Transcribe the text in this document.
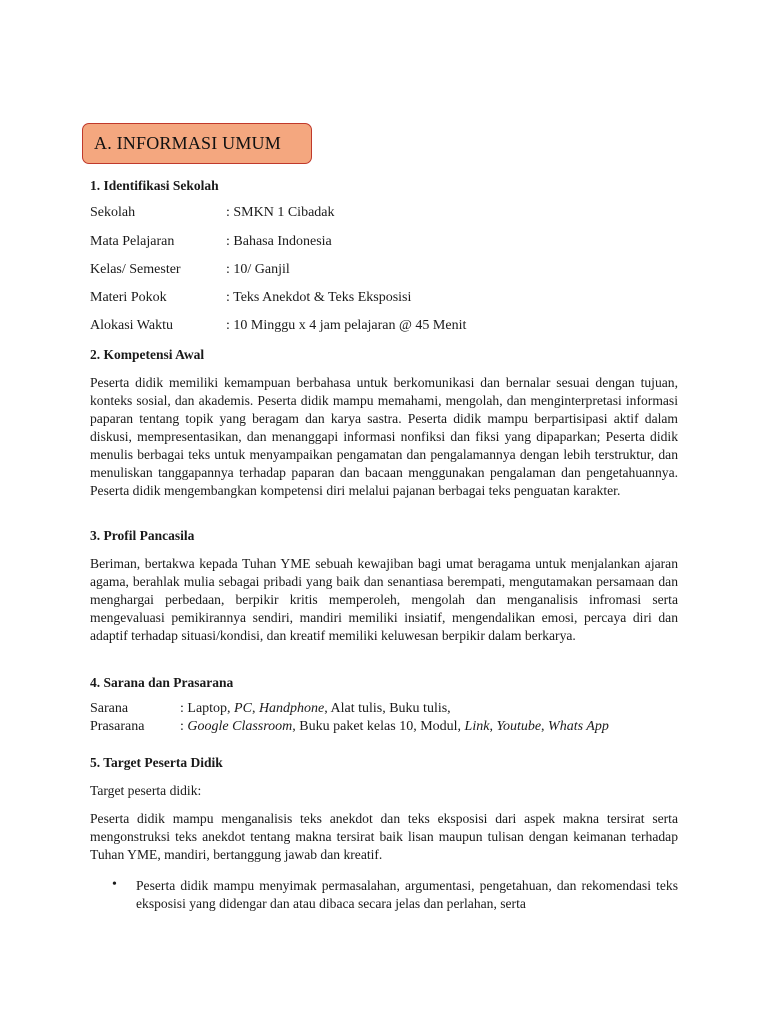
A. INFORMASI UMUM
1. Identifikasi Sekolah
Sekolah	: SMKN 1 Cibadak
Mata Pelajaran	: Bahasa Indonesia
Kelas/ Semester	: 10/ Ganjil
Materi Pokok	: Teks Anekdot & Teks Eksposisi
Alokasi Waktu	: 10 Minggu x 4 jam pelajaran @ 45 Menit
2. Kompetensi Awal
Peserta didik memiliki kemampuan berbahasa untuk berkomunikasi dan bernalar sesuai dengan tujuan, konteks sosial, dan akademis. Peserta didik mampu memahami, mengolah, dan menginterpretasi informasi paparan tentang topik yang beragam dan karya sastra. Peserta didik mampu berpartisipasi aktif dalam diskusi, mempresentasikan, dan menanggapi informasi nonfiksi dan fiksi yang dipaparkan; Peserta didik menulis berbagai teks untuk menyampaikan pengamatan dan pengalamannya dengan lebih terstruktur, dan menuliskan tanggapannya terhadap paparan dan bacaan menggunakan pengalaman dan pengetahuannya. Peserta didik mengembangkan kompetensi diri melalui pajanan berbagai teks penguatan karakter.
3. Profil Pancasila
Beriman, bertakwa kepada Tuhan YME sebuah kewajiban bagi umat beragama untuk menjalankan ajaran agama, berahlak mulia sebagai pribadi yang baik dan senantiasa berempati, mengutamakan persamaan dan menghargai perbedaan, berpikir kritis memperoleh, mengolah dan menganalisis infromasi serta mengevaluasi pemikirannya sendiri, mandiri memiliki insiatif, mengendalikan emosi, percaya diri dan adaptif terhadap situasi/kondisi, dan kreatif memiliki keluwesan berpikir dalam berkarya.
4. Sarana dan Prasarana
Sarana	: Laptop, PC, Handphone, Alat tulis, Buku tulis,
Prasarana	: Google Classroom, Buku paket kelas 10, Modul, Link, Youtube, Whats App
5. Target Peserta Didik
Target peserta didik:
Peserta didik mampu menganalisis teks anekdot dan teks eksposisi dari aspek makna tersirat serta mengonstruksi teks anekdot tentang makna tersirat baik lisan maupun tulisan dengan keimanan terhadap Tuhan YME, mandiri, bertanggung jawab dan kreatif.
• Peserta didik mampu menyimak permasalahan, argumentasi, pengetahuan, dan rekomendasi teks eksposisi yang didengar dan atau dibaca secara jelas dan perlahan, serta
